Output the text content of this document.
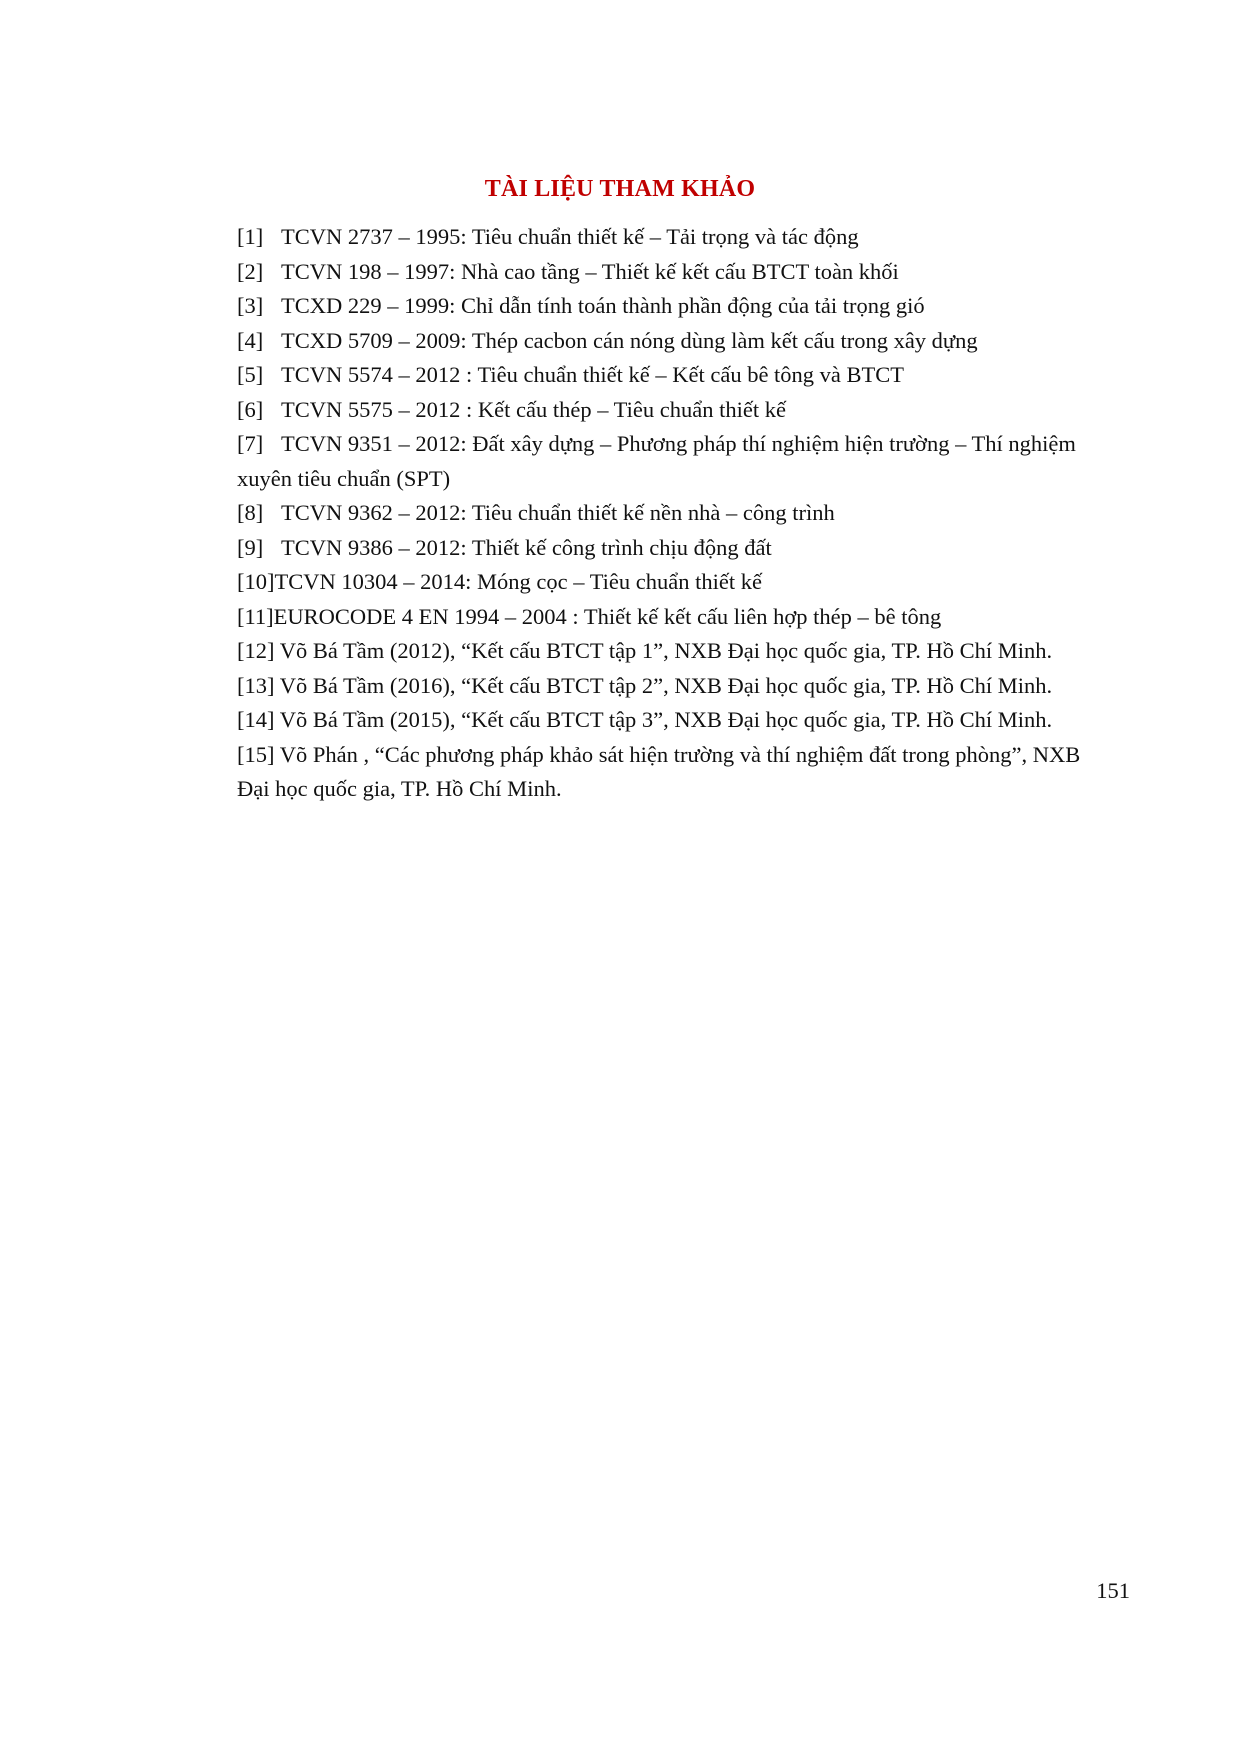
TÀI LIỆU THAM KHẢO
[1] TCVN 2737 – 1995: Tiêu chuẩn thiết kế – Tải trọng và tác động
[2] TCVN 198 – 1997: Nhà cao tầng – Thiết kế kết cấu BTCT toàn khối
[3] TCXD 229 – 1999: Chỉ dẫn tính toán thành phần động của tải trọng gió
[4] TCXD 5709 – 2009: Thép cacbon cán nóng dùng làm kết cấu trong xây dựng
[5] TCVN 5574 – 2012 : Tiêu chuẩn thiết kế – Kết cấu bê tông và BTCT
[6] TCVN 5575 – 2012 : Kết cấu thép – Tiêu chuẩn thiết kế
[7] TCVN 9351 – 2012: Đất xây dựng – Phương pháp thí nghiệm hiện trường – Thí nghiệm xuyên tiêu chuẩn (SPT)
[8] TCVN 9362 – 2012: Tiêu chuẩn thiết kế nền nhà – công trình
[9] TCVN 9386 – 2012: Thiết kế công trình chịu động đất
[10]TCVN 10304 – 2014: Móng cọc – Tiêu chuẩn thiết kế
[11]EUROCODE 4 EN 1994 – 2004 : Thiết kế kết cấu liên hợp thép – bê tông
[12] Võ Bá Tầm (2012), “Kết cấu BTCT tập 1”, NXB Đại học quốc gia, TP. Hồ Chí Minh.
[13] Võ Bá Tầm (2016), “Kết cấu BTCT tập 2”, NXB Đại học quốc gia, TP. Hồ Chí Minh.
[14] Võ Bá Tầm (2015), “Kết cấu BTCT tập 3”, NXB Đại học quốc gia, TP. Hồ Chí Minh.
[15] Võ Phán , “Các phương pháp khảo sát hiện trường và thí nghiệm đất trong phòng”, NXB Đại học quốc gia, TP. Hồ Chí Minh.
151
